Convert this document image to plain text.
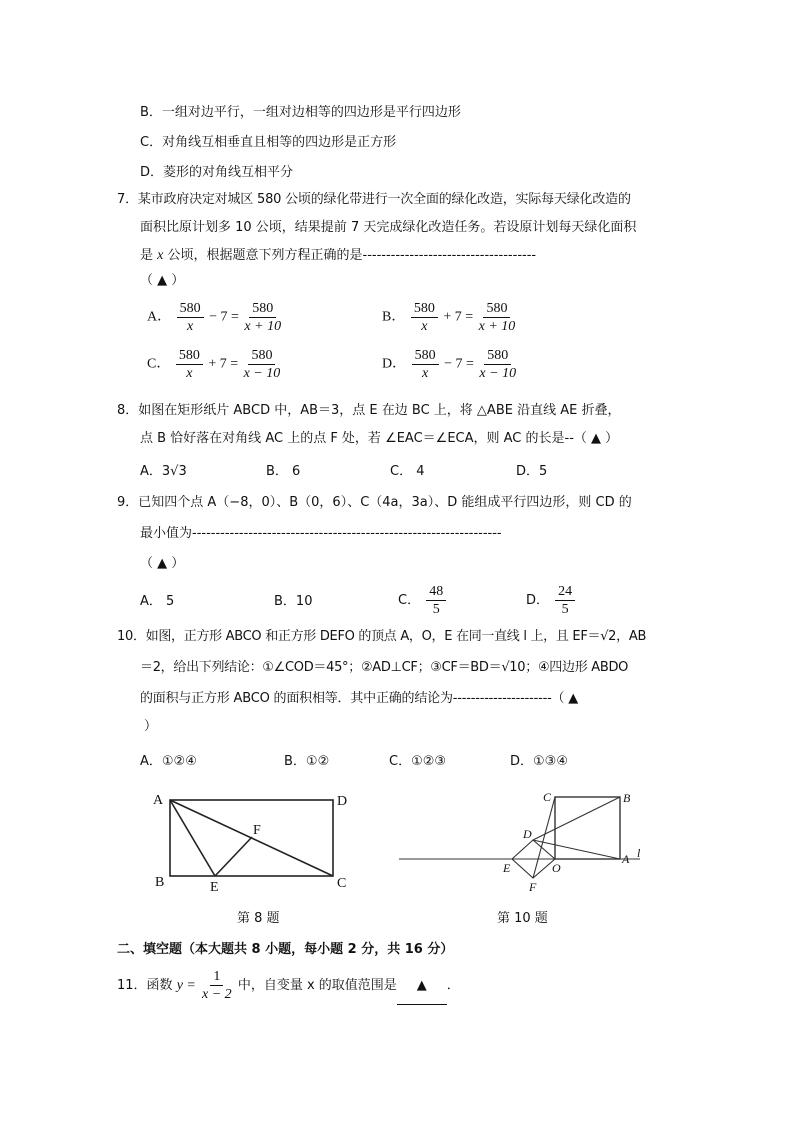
B．一组对边平行，一组对边相等的四边形是平行四边形
C．对角线互相垂直且相等的四边形是正方形
D．菱形的对角线互相平分
7．某市政府决定对城区 580 公顷的绿化带进行一次全面的绿化改造，实际每天绿化改造的
面积比原计划多 10 公顷，结果提前 7 天完成绿化改造任务。若设原计划每天绿化面积
是 x 公顷，根据题意下列方程正确的是-------------------------------------
（ ▲ ）
A． $\frac{580}{x} - 7 = \frac{580}{x + 10}$	B． $\frac{580}{x} + 7 = \frac{580}{x + 10}$
C． $\frac{580}{x} + 7 = \frac{580}{x - 10}$	D． $\frac{580}{x} - 7 = \frac{580}{x - 10}$
8．如图在矩形纸片 ABCD 中，AB＝3，点 E 在边 BC 上，将 △ABE 沿直线 AE 折叠，
点 B 恰好落在对角线 AC 上的点 F 处，若 ∠EAC＝∠ECA，则 AC 的长是--（ ▲ ）
A．3√3	B． 6	C． 4	D．5
9．已知四个点 A（−8，0）、B（0，6）、C（4a，3a）、D 能组成平行四边形，则 CD 的
最小值为------------------------------------------------------------------
（ ▲ ）
A． 5	B．10	C． $\frac{48}{5}$	D． $\frac{24}{5}$
10．如图，正方形 ABCO 和正方形 DEFO 的顶点 A，O，E 在同一直线 l 上，且 EF＝√2，AB
＝2，给出下列结论：①∠COD＝45°；②AD⊥CF；③CF＝BD＝√10；④四边形 ABDO
的面积与正方形 ABCO 的面积相等．其中正确的结论为----------------------（ ▲
）
A．①②④	B．①②	C．①②③	D．①③④
A
B	C
D
E
F
第 8 题
A
B
C
D
E
F
O
l
第 10 题
二、填空题（本大题共 8 小题，每小题 2 分，共 16 分）
11．函数 $y = \frac{1}{x - 2}$ 中，自变量 x 的取值范围是 ▲ ．
